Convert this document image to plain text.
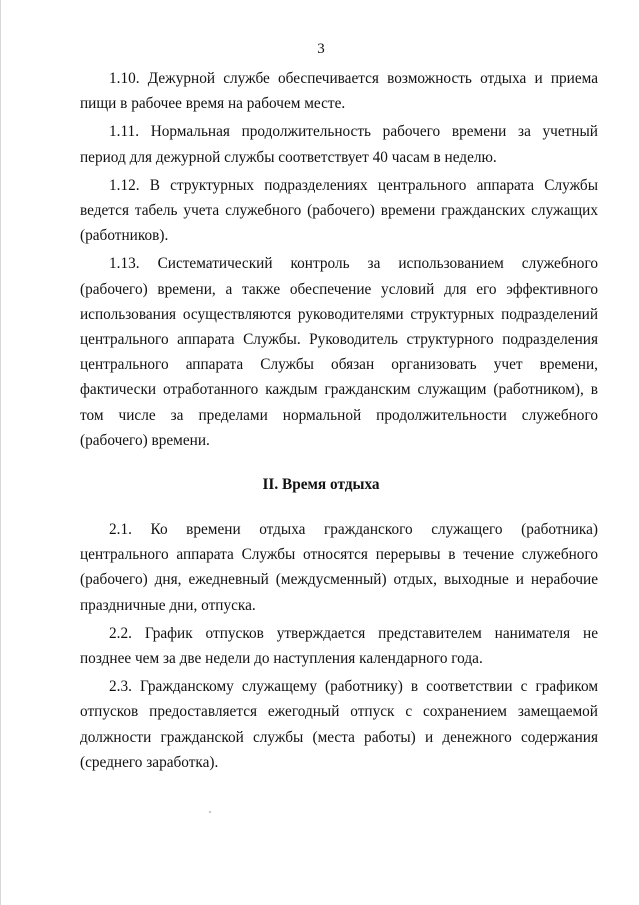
3

1.10. Дежурной службе обеспечивается возможность отдыха и приема пищи в рабочее время на рабочем месте.

1.11. Нормальная продолжительность рабочего времени за учетный период для дежурной службы соответствует 40 часам в неделю.

1.12. В структурных подразделениях центрального аппарата Службы ведется табель учета служебного (рабочего) времени гражданских служащих (работников).

1.13. Систематический контроль за использованием служебного (рабочего) времени, а также обеспечение условий для его эффективного использования осуществляются руководителями структурных подразделений центрального аппарата Службы. Руководитель структурного подразделения центрального аппарата Службы обязан организовать учет времени, фактически отработанного каждым гражданским служащим (работником), в том числе за пределами нормальной продолжительности служебного (рабочего) времени.

II. Время отдыха

2.1. Ко времени отдыха гражданского служащего (работника) центрального аппарата Службы относятся перерывы в течение служебного (рабочего) дня, ежедневный (междусменный) отдых, выходные и нерабочие праздничные дни, отпуска.

2.2. График отпусков утверждается представителем нанимателя не позднее чем за две недели до наступления календарного года.

2.3. Гражданскому служащему (работнику) в соответствии с графиком отпусков предоставляется ежегодный отпуск с сохранением замещаемой должности гражданской службы (места работы) и денежного содержания (среднего заработка).
